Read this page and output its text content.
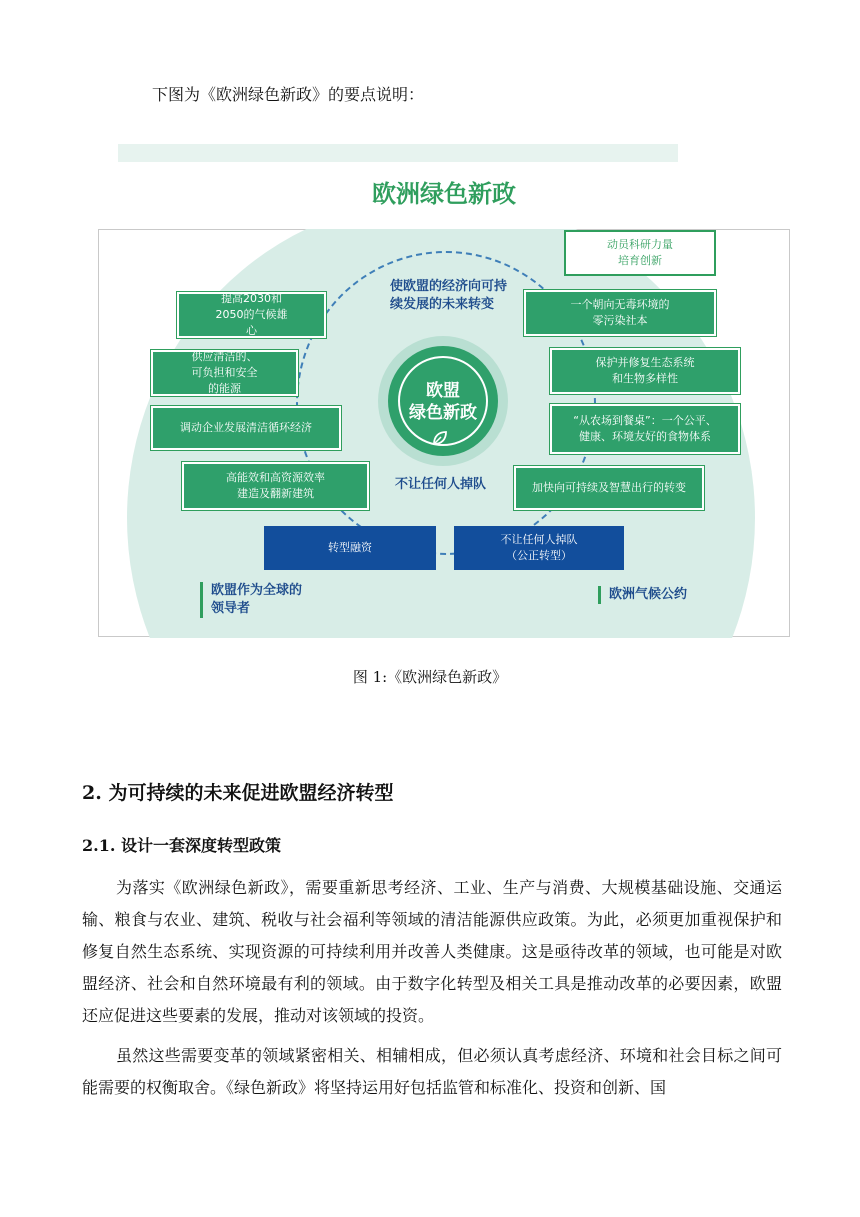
下图为《欧洲绿色新政》的要点说明：
欧洲绿色新政
欧盟
绿色新政
使欧盟的经济向可持续发展的未来转变
不让任何人掉队
提高2030和2050的气候雄心
供应清洁的、可负担和安全的能源
调动企业发展清洁循环经济
高能效和高资源效率建造及翻新建筑
动员科研力量培育创新
一个朝向无毒环境的零污染社本
保护并修复生态系统和生物多样性
“从农场到餐桌”：一个公平、健康、环境友好的食物体系
加快向可持续及智慧出行的转变
转型融资
不让任何人掉队（公正转型）
欧盟作为全球的领导者
欧洲气候公约
图 1:《欧洲绿色新政》
2. 为可持续的未来促进欧盟经济转型
2.1. 设计一套深度转型政策
为落实《欧洲绿色新政》，需要重新思考经济、工业、生产与消费、大规模基础设施、交通运输、粮食与农业、建筑、税收与社会福利等领域的清洁能源供应政策。为此，必须更加重视保护和修复自然生态系统、实现资源的可持续利用并改善人类健康。这是亟待改革的领域，也可能是对欧盟经济、社会和自然环境最有利的领域。由于数字化转型及相关工具是推动改革的必要因素，欧盟还应促进这些要素的发展，推动对该领域的投资。
虽然这些需要变革的领域紧密相关、相辅相成，但必须认真考虑经济、环境和社会目标之间可能需要的权衡取舍。《绿色新政》将坚持运用好包括监管和标准化、投资和创新、国
